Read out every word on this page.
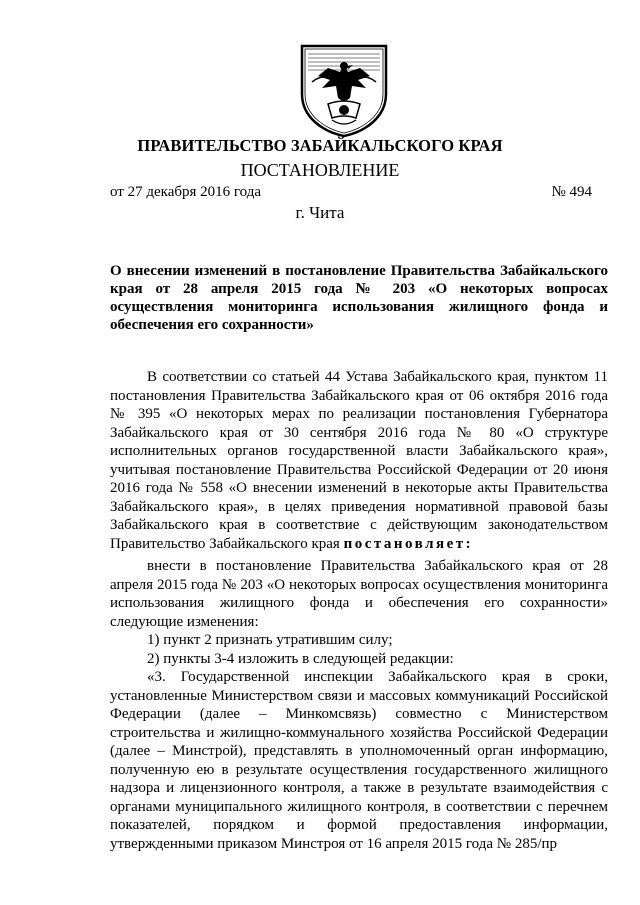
ПРАВИТЕЛЬСТВО ЗАБАЙКАЛЬСКОГО КРАЯ
ПОСТАНОВЛЕНИЕ
от 27 декабря 2016 года	№ 494
г. Чита
О внесении изменений в постановление Правительства Забайкальского края от 28 апреля 2015 года № 203 «О некоторых вопросах осуществления мониторинга использования жилищного фонда и обеспечения его сохранности»

В соответствии со статьей 44 Устава Забайкальского края, пунктом 11 постановления Правительства Забайкальского края от 06 октября 2016 года № 395 «О некоторых мерах по реализации постановления Губернатора Забайкальского края от 30 сентября 2016 года № 80 «О структуре исполнительных органов государственной власти Забайкальского края», учитывая постановление Правительства Российской Федерации от 20 июня 2016 года № 558 «О внесении изменений в некоторые акты Правительства Забайкальского края», в целях приведения нормативной правовой базы Забайкальского края в соответствие с действующим законодательством Правительство Забайкальского края постановляет:

внести в постановление Правительства Забайкальского края от 28 апреля 2015 года № 203 «О некоторых вопросах осуществления мониторинга использования жилищного фонда и обеспечения его сохранности» следующие изменения:

1) пункт 2 признать утратившим силу;

2) пункты 3-4 изложить в следующей редакции:

«3. Государственной инспекции Забайкальского края в сроки, установленные Министерством связи и массовых коммуникаций Российской Федерации (далее – Минкомсвязь) совместно с Министерством строительства и жилищно-коммунального хозяйства Российской Федерации (далее – Минстрой), представлять в уполномоченный орган информацию, полученную ею в результате осуществления государственного жилищного надзора и лицензионного контроля, а также в результате взаимодействия с органами муниципального жилищного контроля, в соответствии с перечнем показателей, порядком и формой предоставления информации, утвержденными приказом Минстроя от 16 апреля 2015 года № 285/пр
